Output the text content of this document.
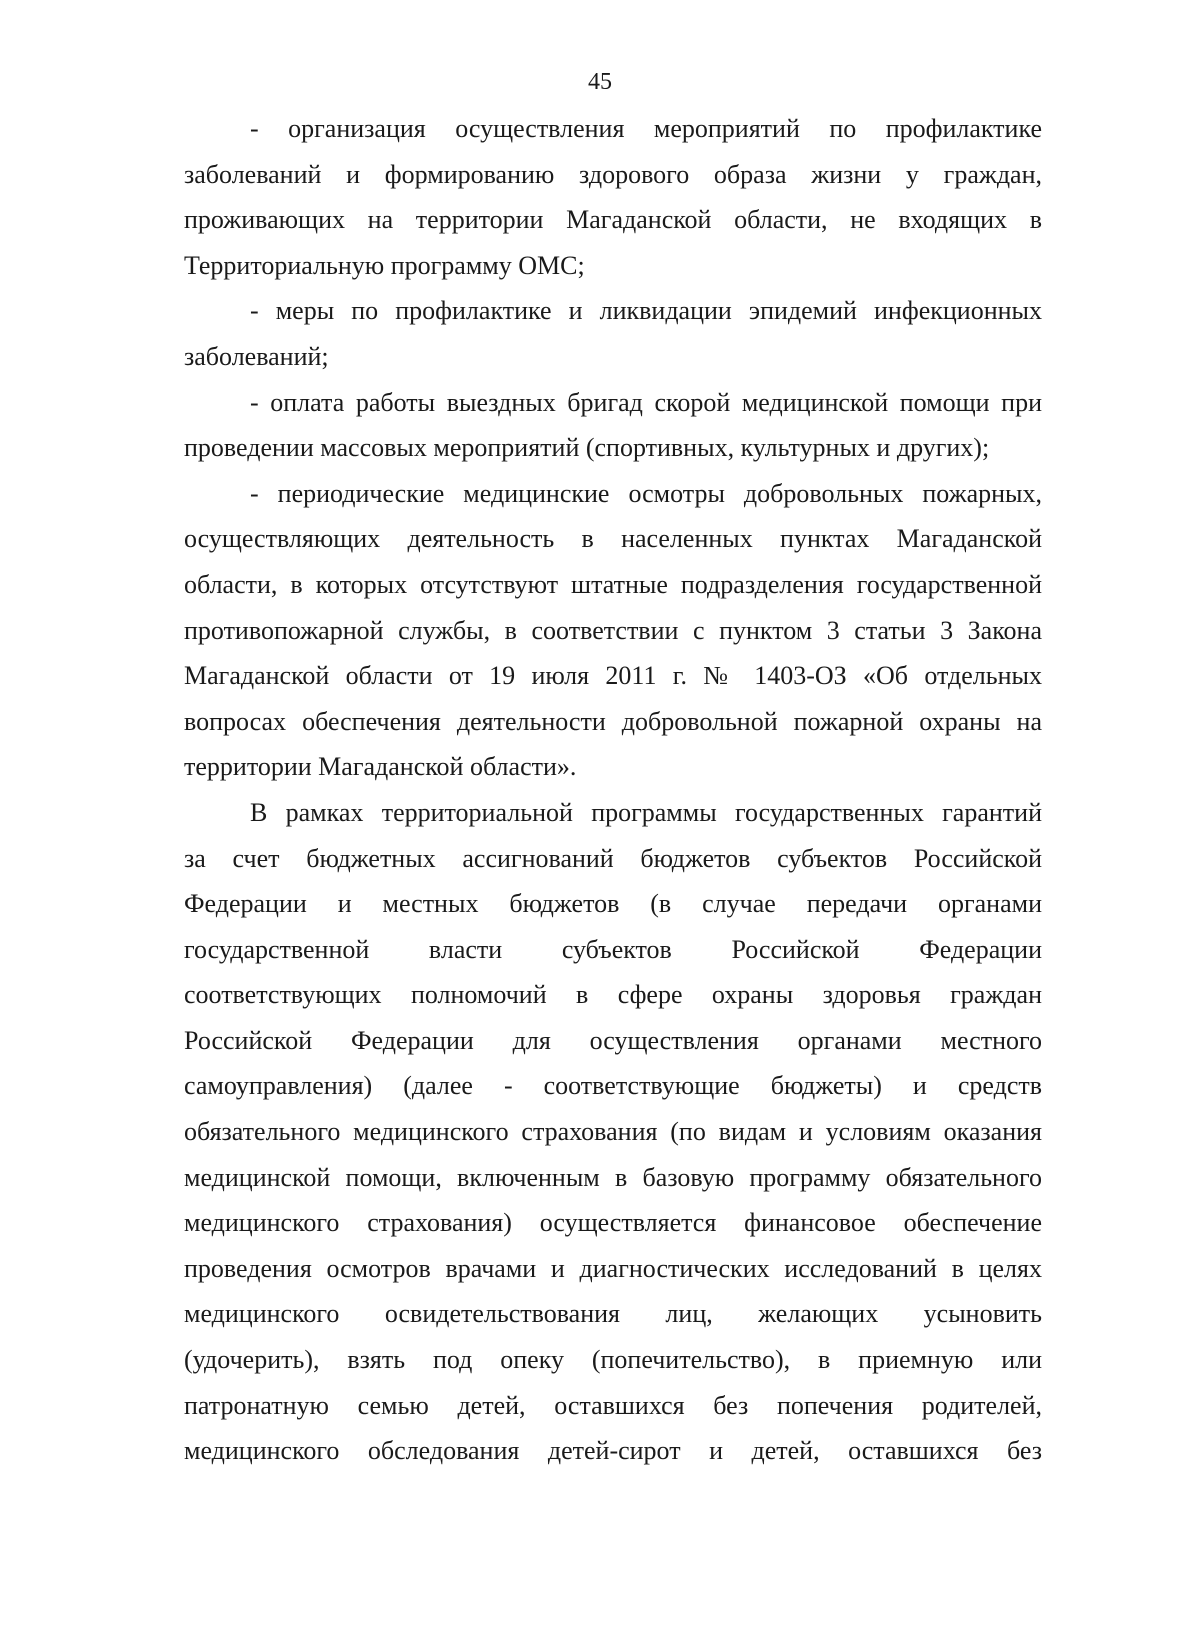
45
- организация осуществления мероприятий по профилактике
заболеваний и формированию здорового образа жизни у граждан,
проживающих на территории Магаданской области, не входящих в
Территориальную программу ОМС;
- меры по профилактике и ликвидации эпидемий инфекционных
заболеваний;
- оплата работы выездных бригад скорой медицинской помощи при
проведении массовых мероприятий (спортивных, культурных и других);
- периодические медицинские осмотры добровольных пожарных,
осуществляющих деятельность в населенных пунктах Магаданской
области, в которых отсутствуют штатные подразделения государственной
противопожарной службы, в соответствии с пунктом 3 статьи 3 Закона
Магаданской области от 19 июля 2011 г. № 1403-ОЗ «Об отдельных
вопросах обеспечения деятельности добровольной пожарной охраны на
территории Магаданской области».
В рамках территориальной программы государственных гарантий
за счет бюджетных ассигнований бюджетов субъектов Российской
Федерации и местных бюджетов (в случае передачи органами
государственной власти субъектов Российской Федерации
соответствующих полномочий в сфере охраны здоровья граждан
Российской Федерации для осуществления органами местного
самоуправления) (далее - соответствующие бюджеты) и средств
обязательного медицинского страхования (по видам и условиям оказания
медицинской помощи, включенным в базовую программу обязательного
медицинского страхования) осуществляется финансовое обеспечение
проведения осмотров врачами и диагностических исследований в целях
медицинского освидетельствования лиц, желающих усыновить
(удочерить), взять под опеку (попечительство), в приемную или
патронатную семью детей, оставшихся без попечения родителей,
медицинского обследования детей-сирот и детей, оставшихся без
